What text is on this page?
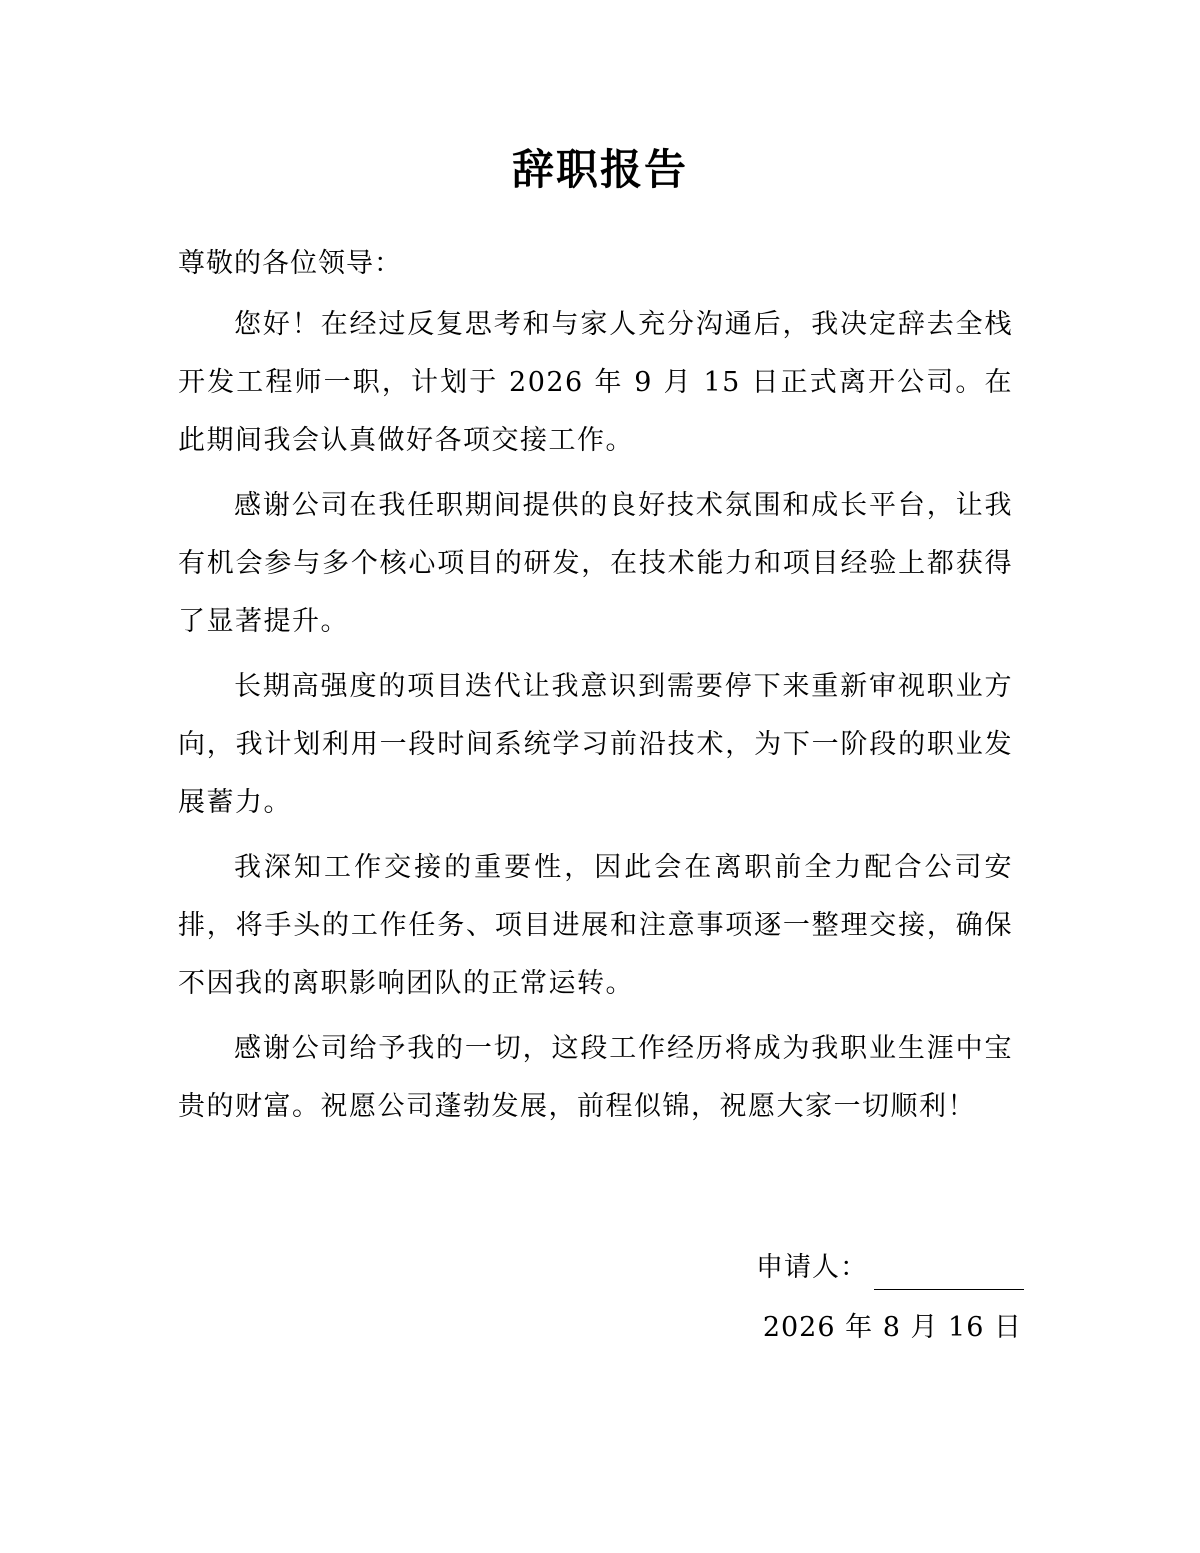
辞职报告
尊敬的各位领导：

您好！在经过反复思考和与家人充分沟通后，我决定辞去全栈开发工程师一职，计划于 2026 年 9 月 15 日正式离开公司。在此期间我会认真做好各项交接工作。

感谢公司在我任职期间提供的良好技术氛围和成长平台，让我有机会参与多个核心项目的研发，在技术能力和项目经验上都获得了显著提升。

长期高强度的项目迭代让我意识到需要停下来重新审视职业方向，我计划利用一段时间系统学习前沿技术，为下一阶段的职业发展蓄力。

我深知工作交接的重要性，因此会在离职前全力配合公司安排，将手头的工作任务、项目进展和注意事项逐一整理交接，确保不因我的离职影响团队的正常运转。

感谢公司给予我的一切，这段工作经历将成为我职业生涯中宝贵的财富。祝愿公司蓬勃发展，前程似锦，祝愿大家一切顺利！

申请人：
2026 年 8 月 16 日
